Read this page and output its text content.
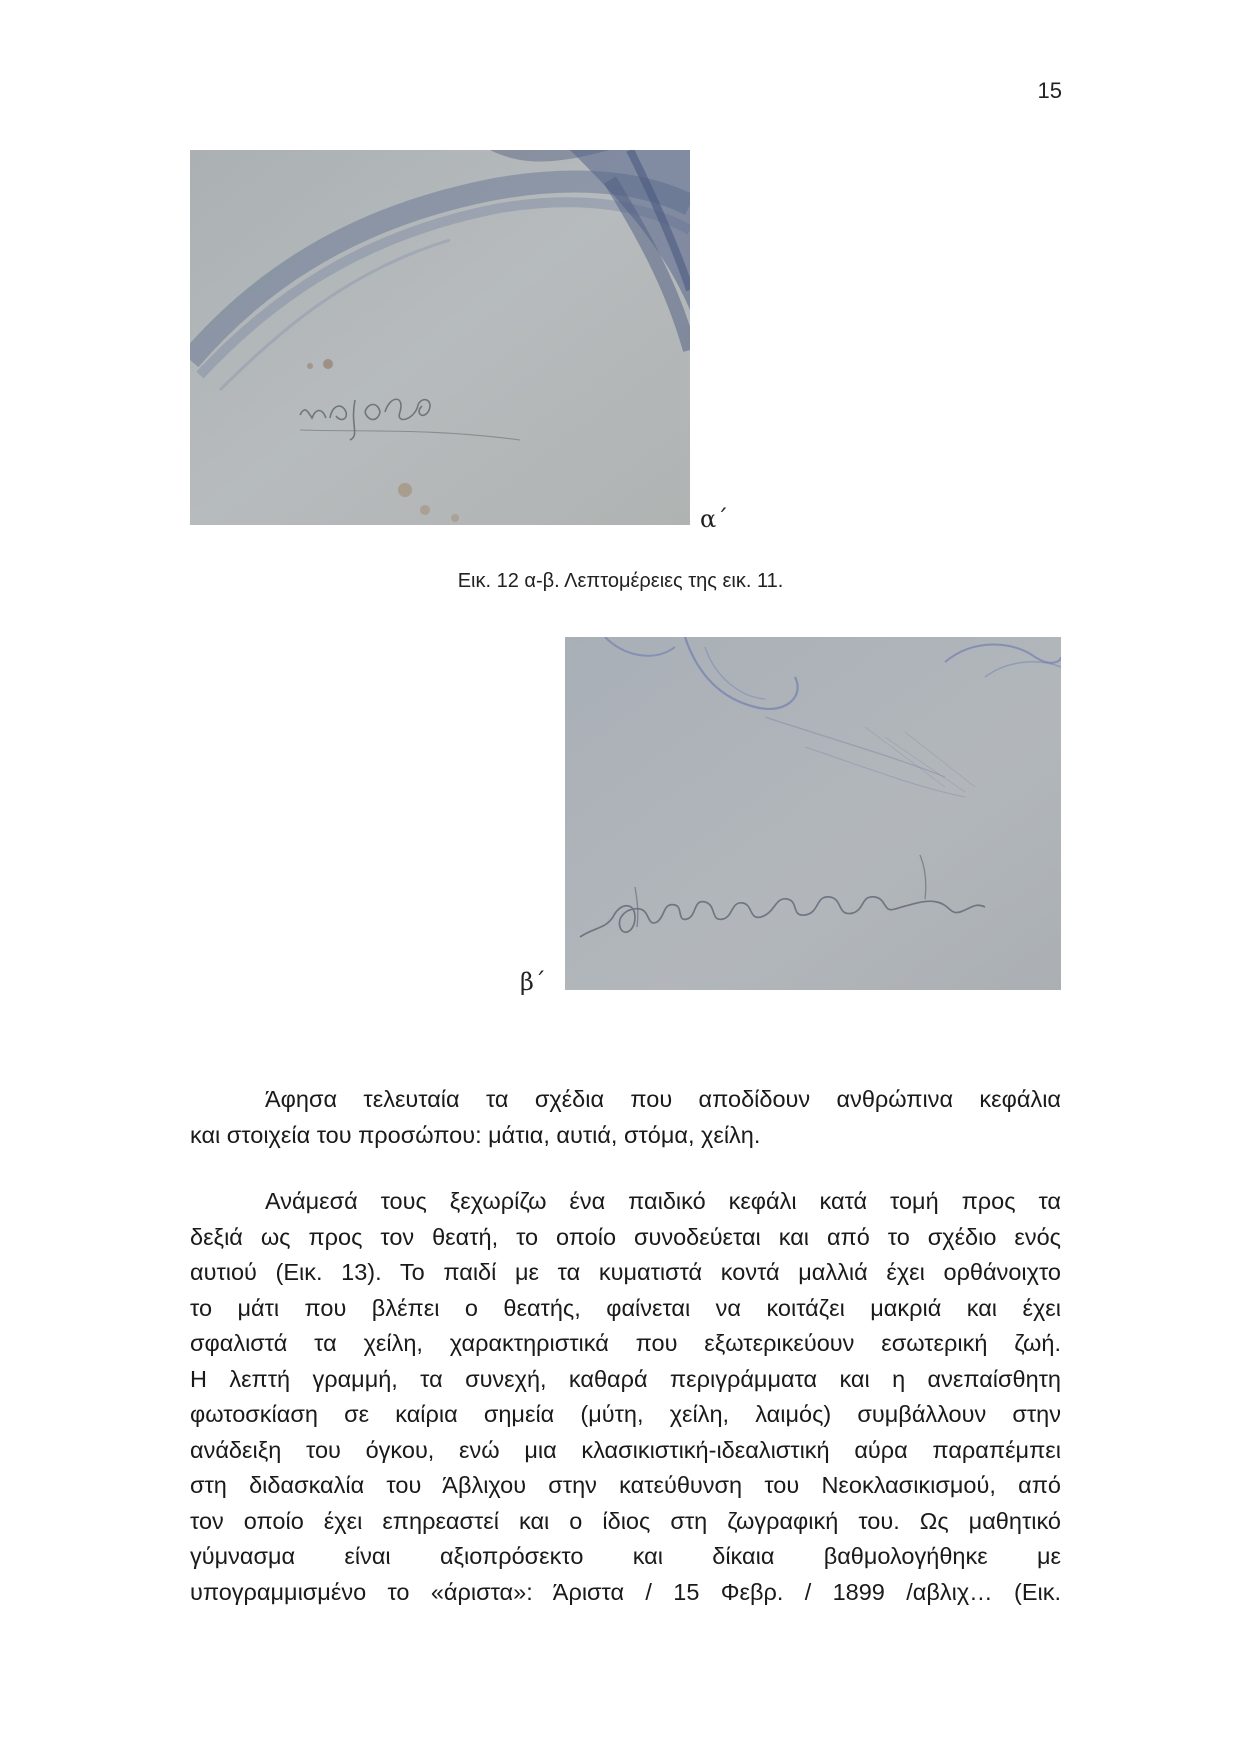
15
α΄
Εικ. 12 α-β. Λεπτομέρειες της εικ. 11.
β΄
Άφησα τελευταία τα σχέδια που αποδίδουν ανθρώπινα κεφάλια
και στοιχεία του προσώπου: μάτια, αυτιά, στόμα, χείλη.
Ανάμεσά τους ξεχωρίζω ένα παιδικό κεφάλι κατά τομή προς τα
δεξιά ως προς τον θεατή, το οποίο συνοδεύεται και από το σχέδιο ενός
αυτιού (Εικ. 13). Το παιδί με τα κυματιστά κοντά μαλλιά έχει ορθάνοιχτο
το μάτι που βλέπει ο θεατής, φαίνεται να κοιτάζει μακριά και έχει
σφαλιστά τα χείλη, χαρακτηριστικά που εξωτερικεύουν εσωτερική ζωή.
Η λεπτή γραμμή, τα συνεχή, καθαρά περιγράμματα και η ανεπαίσθητη
φωτοσκίαση σε καίρια σημεία (μύτη, χείλη, λαιμός) συμβάλλουν στην
ανάδειξη του όγκου, ενώ μια κλασικιστική-ιδεαλιστική αύρα παραπέμπει
στη διδασκαλία του Άβλιχου στην κατεύθυνση του Νεοκλασικισμού, από
τον οποίο έχει επηρεαστεί και ο ίδιος στη ζωγραφική του. Ως μαθητικό
γύμνασμα είναι αξιοπρόσεκτο και δίκαια βαθμολογήθηκε με
υπογραμμισμένο το «άριστα»: Άριστα / 15 Φεβρ. / 1899 /αβλιχ… (Εικ.
